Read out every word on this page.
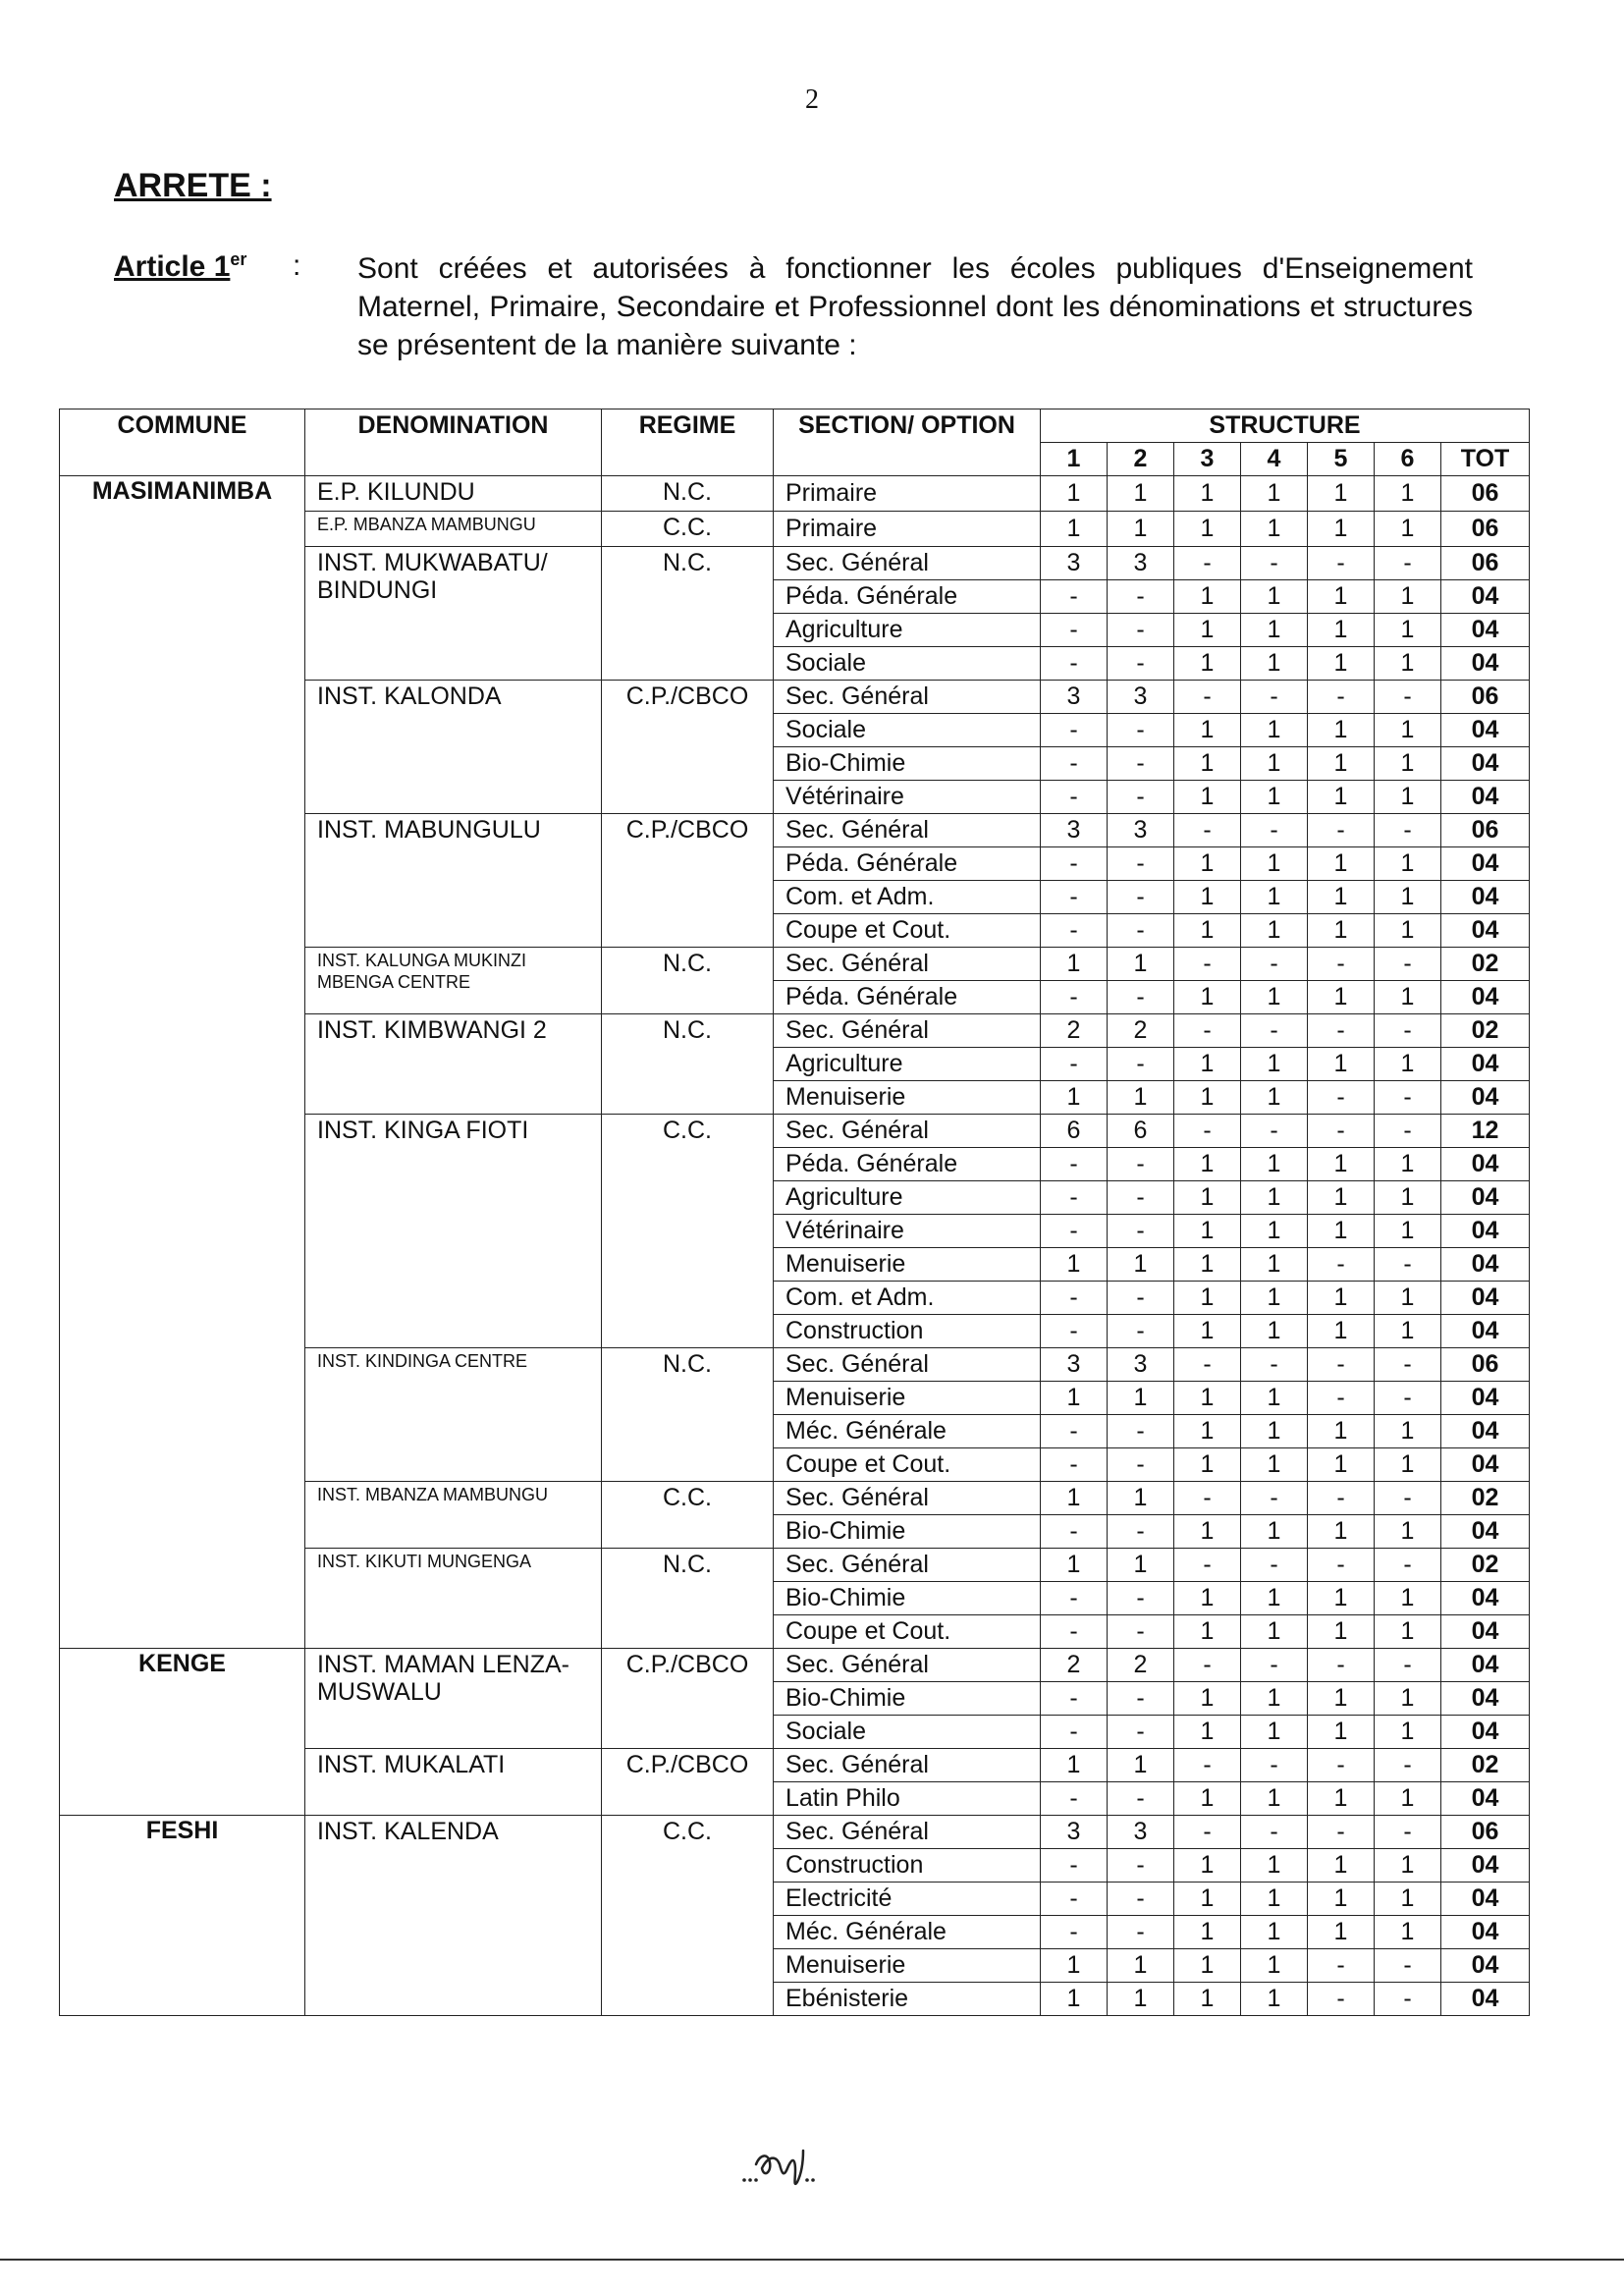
2
ARRETE :
Article 1er : Sont créées et autorisées à fonctionner les écoles publiques d'Enseignement Maternel, Primaire, Secondaire et Professionnel dont les dénominations et structures se présentent de la manière suivante :
COMMUNE	DENOMINATION	REGIME	SECTION/ OPTION	STRUCTURE						
				1	2	3	4	5	6	TOT
MASIMANIMBA	E.P. KILUNDU	N.C.	Primaire	1	1	1	1	1	1	06
	E.P. MBANZA MAMBUNGU	C.C.	Primaire	1	1	1	1	1	1	06
	INST. MUKWABATU/ BINDUNGI	N.C.	Sec. Général	3	3	-	-	-	-	06
			Péda. Générale	-	-	1	1	1	1	04
			Agriculture	-	-	1	1	1	1	04
			Sociale	-	-	1	1	1	1	04
	INST. KALONDA	C.P./CBCO	Sec. Général	3	3	-	-	-	-	06
			Sociale	-	-	1	1	1	1	04
			Bio-Chimie	-	-	1	1	1	1	04
			Vétérinaire	-	-	1	1	1	1	04
	INST. MABUNGULU	C.P./CBCO	Sec. Général	3	3	-	-	-	-	06
			Péda. Générale	-	-	1	1	1	1	04
			Com. et Adm.	-	-	1	1	1	1	04
			Coupe et Cout.	-	-	1	1	1	1	04
	INST. KALUNGA MUKINZI MBENGA CENTRE	N.C.	Sec. Général	1	1	-	-	-	-	02
			Péda. Générale	-	-	1	1	1	1	04
	INST. KIMBWANGI 2	N.C.	Sec. Général	2	2	-	-	-	-	02
			Agriculture	-	-	1	1	1	1	04
			Menuiserie	1	1	1	1	-	-	04
	INST. KINGA FIOTI	C.C.	Sec. Général	6	6	-	-	-	-	12
			Péda. Générale	-	-	1	1	1	1	04
			Agriculture	-	-	1	1	1	1	04
			Vétérinaire	-	-	1	1	1	1	04
			Menuiserie	1	1	1	1	-	-	04
			Com. et Adm.	-	-	1	1	1	1	04
			Construction	-	-	1	1	1	1	04
	INST. KINDINGA CENTRE	N.C.	Sec. Général	3	3	-	-	-	-	06
			Menuiserie	1	1	1	1	-	-	04
			Méc. Générale	-	-	1	1	1	1	04
			Coupe et Cout.	-	-	1	1	1	1	04
	INST. MBANZA MAMBUNGU	C.C.	Sec. Général	1	1	-	-	-	-	02
			Bio-Chimie	-	-	1	1	1	1	04
	INST. KIKUTI MUNGENGA	N.C.	Sec. Général	1	1	-	-	-	-	02
			Bio-Chimie	-	-	1	1	1	1	04
			Coupe et Cout.	-	-	1	1	1	1	04
KENGE	INST. MAMAN LENZA-MUSWALU	C.P./CBCO	Sec. Général	2	2	-	-	-	-	04
			Bio-Chimie	-	-	1	1	1	1	04
			Sociale	-	-	1	1	1	1	04
	INST. MUKALATI	C.P./CBCO	Sec. Général	1	1	-	-	-	-	02
			Latin Philo	-	-	1	1	1	1	04
FESHI	INST. KALENDA	C.C.	Sec. Général	3	3	-	-	-	-	06
			Construction	-	-	1	1	1	1	04
			Electricité	-	-	1	1	1	1	04
			Méc. Générale	-	-	1	1	1	1	04
			Menuiserie	1	1	1	1	-	-	04
			Ebénisterie	1	1	1	1	-	-	04
